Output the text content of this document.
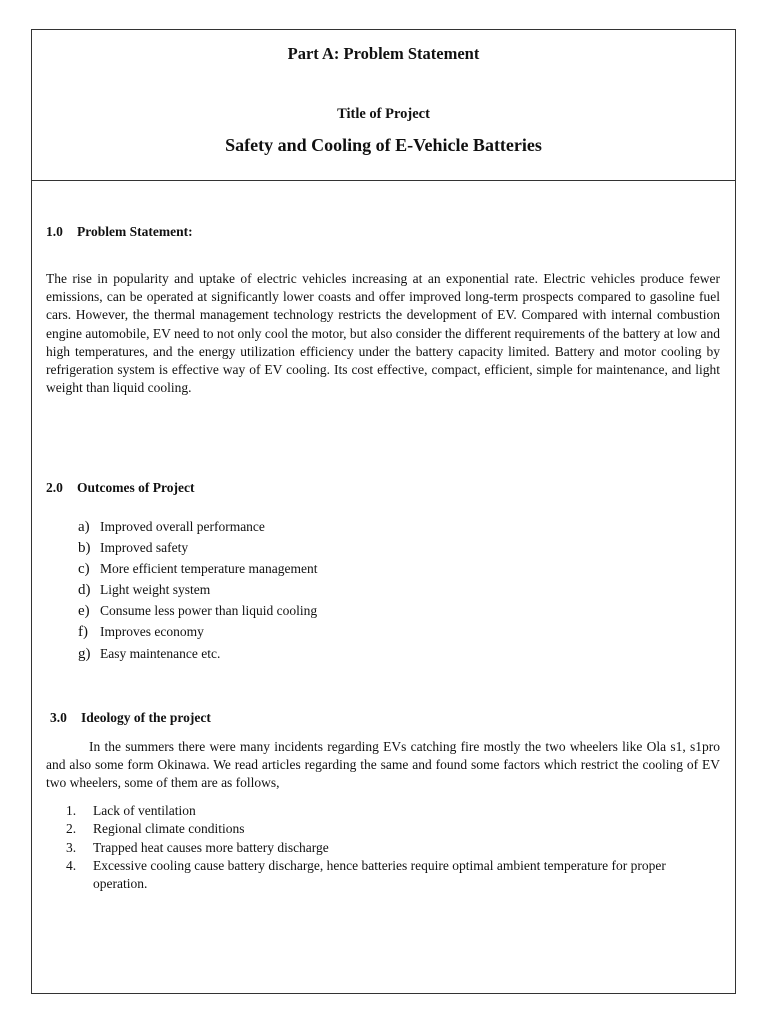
Part A: Problem Statement
Title of Project
Safety and Cooling of E-Vehicle Batteries
1.0 Problem Statement:

The rise in popularity and uptake of electric vehicles increasing at an exponential rate. Electric vehicles produce fewer emissions, can be operated at significantly lower coasts and offer improved long-term prospects compared to gasoline fuel cars. However, the thermal management technology restricts the development of EV. Compared with internal combustion engine automobile, EV need to not only cool the motor, but also consider the different requirements of the battery at low and high temperatures, and the energy utilization efficiency under the battery capacity limited. Battery and motor cooling by refrigeration system is effective way of EV cooling. Its cost effective, compact, efficient, simple for maintenance, and light weight than liquid cooling.

2.0 Outcomes of Project
a) Improved overall performance
b) Improved safety
c) More efficient temperature management
d) Light weight system
e) Consume less power than liquid cooling
f) Improves economy
g) Easy maintenance etc.
3.0 Ideology of the project

In the summers there were many incidents regarding EVs catching fire mostly the two wheelers like Ola s1, s1pro and also some form Okinawa. We read articles regarding the same and found some factors which restrict the cooling of EV two wheelers, some of them are as follows,

1. Lack of ventilation
2. Regional climate conditions
3. Trapped heat causes more battery discharge
4. Excessive cooling cause battery discharge, hence batteries require optimal ambient temperature for proper operation.
